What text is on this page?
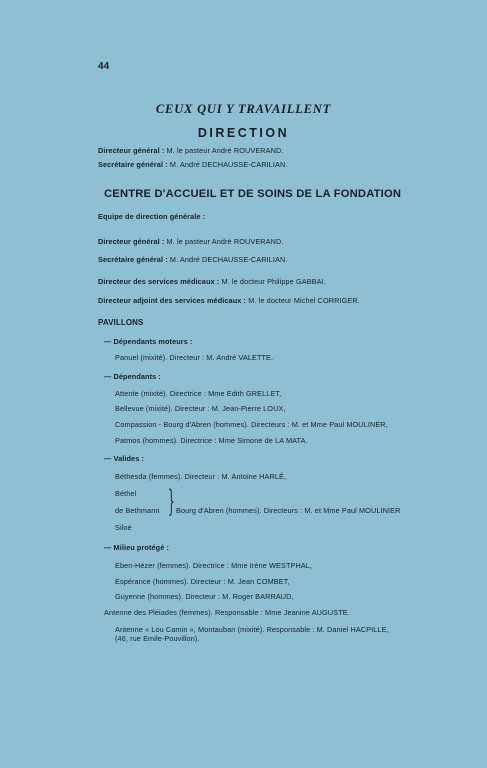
44
CEUX QUI Y TRAVAILLENT
DIRECTION
Directeur général : M. le pasteur André ROUVERAND.
Secrétaire général : M. André DECHAUSSE-CARILIAN.
CENTRE D'ACCUEIL ET DE SOINS DE LA FONDATION
Equipe de direction générale :
Directeur général : M. le pasteur André ROUVERAND.
Secrétaire général : M. André DECHAUSSE-CARILIAN.
Directeur des services médicaux : M. le docteur Philippe GABBAI.
Directeur adjoint des services médicaux : M. le docteur Michel CORRIGER.
PAVILLONS
— Dépendants moteurs :
Panuel (mixité). Directeur : M. André VALETTE.
— Dépendants :
Attente (mixité). Directrice : Mme Edith GRELLET,
Bellevue (mixité). Directeur : M. Jean-Pierre LOUX,
Compassion - Bourg d'Abren (hommes). Directeurs : M. et Mme Paul MOULINER,
Patmos (hommes). Directrice : Mme Simone de LA MATA.
— Valides :
Béthesda (femmes). Directeur : M. Antoine HARLÉ,
Béthel
de Bethmann
Siloé
} Bourg d'Abren (hommes). Directeurs : M. et Mme Paul MOULINIER
— Milieu protégé :
Eben-Hézer (femmes). Directrice : Mme Irène WESTPHAL,
Espérance (hommes). Directeur : M. Jean COMBET,
Guyenne (hommes). Directeur : M. Roger BARRAUD,
Antenne des Pléiades (femmes). Responsable : Mme Jeanine AUGUSTE.
Antenne « Lou Camin », Montauban (mixité). Responsable : M. Daniel HACPILLE,
(46, rue Emile-Pouvillon).
